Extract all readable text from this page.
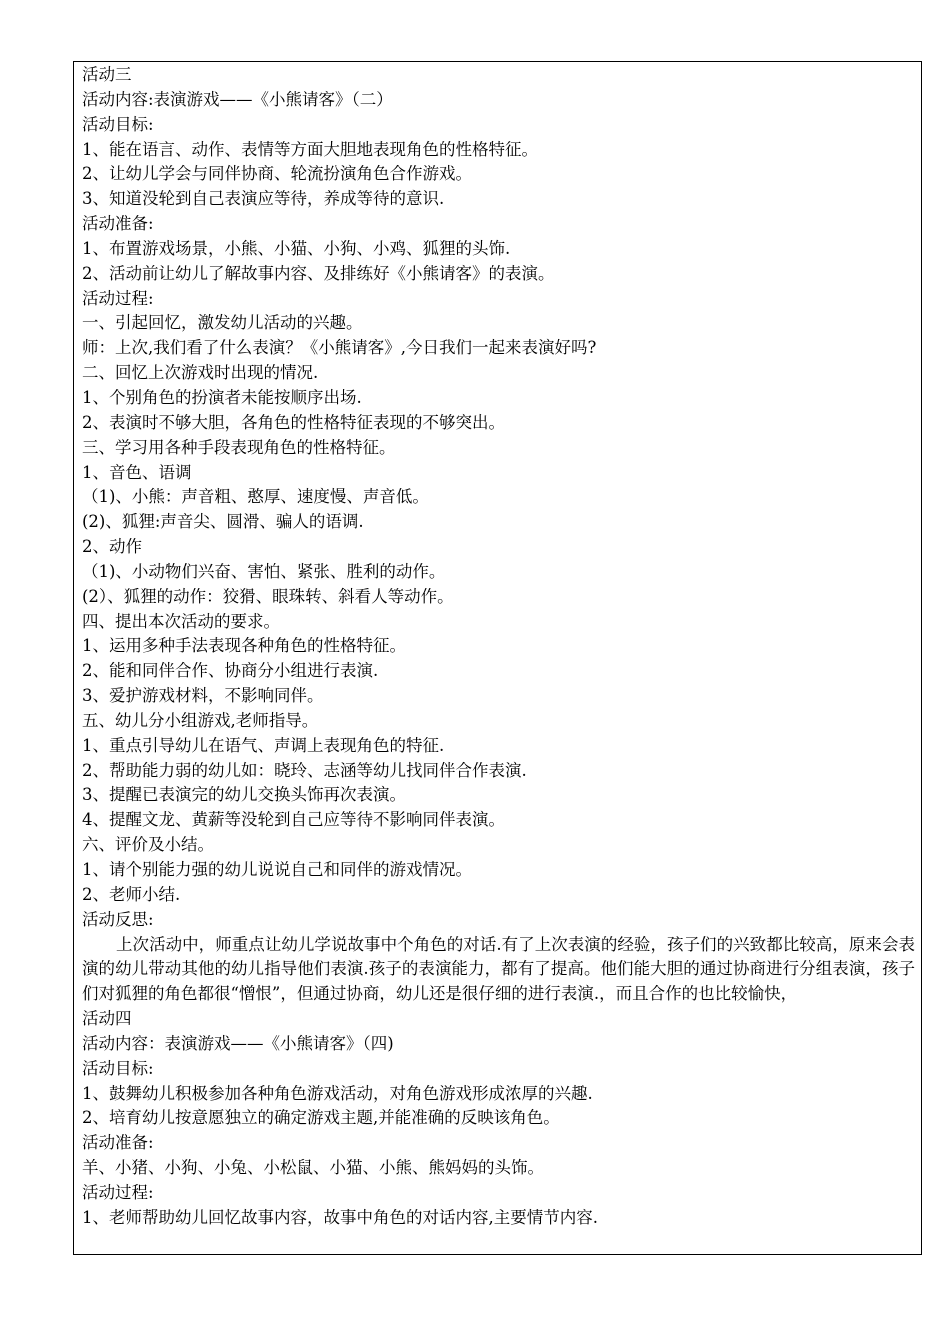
活动三
活动内容:表演游戏——《小熊请客》（二）
活动目标:
1、能在语言、动作、表情等方面大胆地表现角色的性格特征。
2、让幼儿学会与同伴协商、轮流扮演角色合作游戏。
3、知道没轮到自己表演应等待，养成等待的意识.
活动准备:
1、布置游戏场景，小熊、小猫、小狗、小鸡、狐狸的头饰.
2、活动前让幼儿了解故事内容、及排练好《小熊请客》的表演。
活动过程:
一、引起回忆，激发幼儿活动的兴趣。
师：上次,我们看了什么表演？《小熊请客》,今日我们一起来表演好吗?
二、回忆上次游戏时出现的情况.
1、个别角色的扮演者未能按顺序出场.
2、表演时不够大胆，各角色的性格特征表现的不够突出。
三、学习用各种手段表现角色的性格特征。
1、音色、语调
（1)、小熊：声音粗、憨厚、速度慢、声音低。
(2)、狐狸:声音尖、圆滑、骗人的语调.
2、动作
（1)、小动物们兴奋、害怕、紧张、胜利的动作。
(2）、狐狸的动作：狡猾、眼珠转、斜看人等动作。
四、提出本次活动的要求。
1、运用多种手法表现各种角色的性格特征。
2、能和同伴合作、协商分小组进行表演.
3、爱护游戏材料，不影响同伴。
五、幼儿分小组游戏,老师指导。
1、重点引导幼儿在语气、声调上表现角色的特征.
2、帮助能力弱的幼儿如：晓玲、志涵等幼儿找同伴合作表演.
3、提醒已表演完的幼儿交换头饰再次表演。
4、提醒文龙、黄薪等没轮到自己应等待不影响同伴表演。
六、评价及小结。
1、请个别能力强的幼儿说说自己和同伴的游戏情况。
2、老师小结.
活动反思:
上次活动中，师重点让幼儿学说故事中个角色的对话.有了上次表演的经验，孩子们的兴致都比较高，原来会表演的幼儿带动其他的幼儿指导他们表演.孩子的表演能力，都有了提高。他们能大胆的通过协商进行分组表演，孩子们对狐狸的角色都很“憎恨”，但通过协商，幼儿还是很仔细的进行表演.，而且合作的也比较愉快，
活动四
活动内容：表演游戏——《小熊请客》（四)
活动目标:
1、鼓舞幼儿积极参加各种角色游戏活动，对角色游戏形成浓厚的兴趣.
2、培育幼儿按意愿独立的确定游戏主题,并能准确的反映该角色。
活动准备:
羊、小猪、小狗、小兔、小松鼠、小猫、小熊、熊妈妈的头饰。
活动过程:
1、老师帮助幼儿回忆故事内容，故事中角色的对话内容,主要情节内容.
